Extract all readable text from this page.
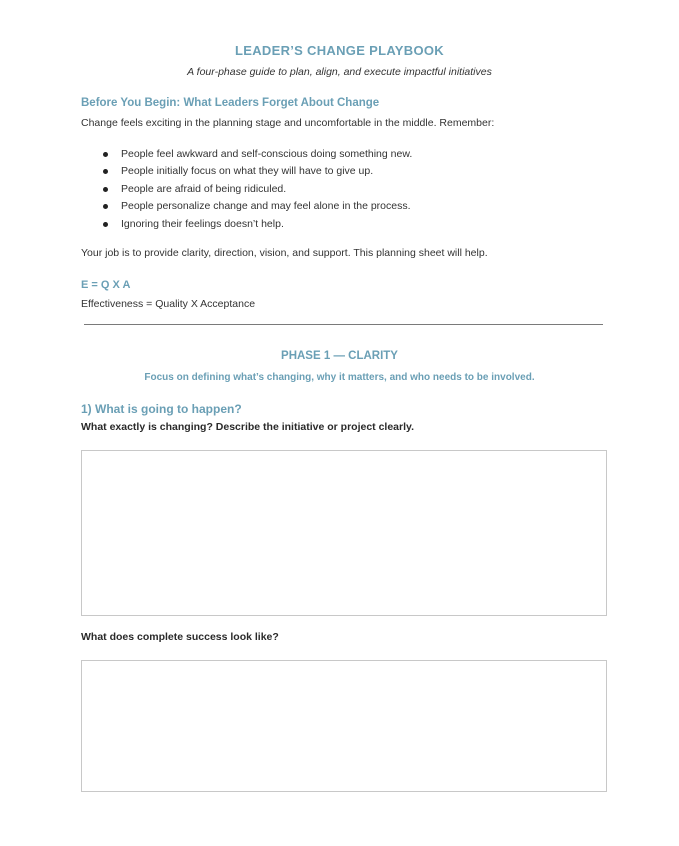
LEADER’S CHANGE PLAYBOOK
A four-phase guide to plan, align, and execute impactful initiatives
Before You Begin: What Leaders Forget About Change
Change feels exciting in the planning stage and uncomfortable in the middle. Remember:
People feel awkward and self-conscious doing something new.
People initially focus on what they will have to give up.
People are afraid of being ridiculed.
People personalize change and may feel alone in the process.
Ignoring their feelings doesn’t help.
Your job is to provide clarity, direction, vision, and support. This planning sheet will help.
E = Q X A
Effectiveness = Quality X Acceptance
PHASE 1 — CLARITY
Focus on defining what’s changing, why it matters, and who needs to be involved.
1) What is going to happen?
What exactly is changing? Describe the initiative or project clearly.
What does complete success look like?
